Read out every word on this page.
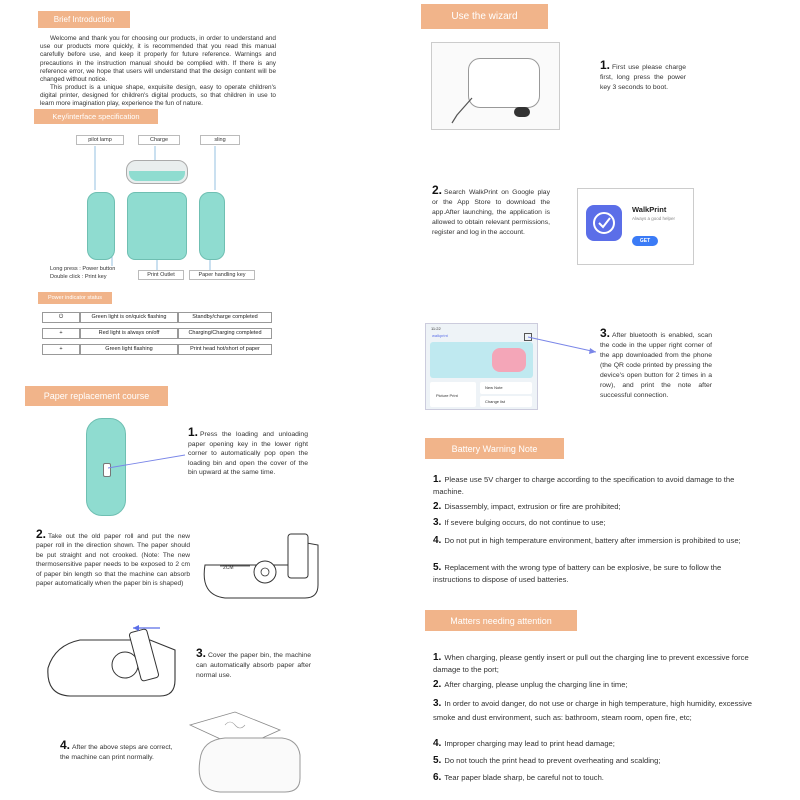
Brief Introduction
Welcome and thank you for choosing our products, in order to understand and use our products more quickly, it is recommended that you read this manual carefully before use, and keep it properly for future reference. Warnings and precautions in the instruction manual should be complied with. If there is any reference error, we hope that users will understand that the design content will be changed without notice.
This product is a unique shape, exquisite design, easy to operate children's digital printer, designed for children's digital products, so that children in use to learn more imagination play, experience the fun of nature.
Key/interface specification
pilot lamp	Charge	sling
Long press : Power button
Double click : Print key	Print Outlet	Paper handling key
Power indicator status
⏻	Green light is on/quick flashing	Standby/charge completed
+	Red light is always on/off	Charging/Charging completed
+	Green light flashing	Print head hot/short of paper
Paper replacement course
1. Press the loading and unloading paper opening key in the lower right corner to automatically pop open the loading bin and open the cover of the bin upward at the same time.
2. Take out the old paper roll and put the new paper roll in the direction shown. The paper should be put straight and not crooked. (Note: The new thermosensitive paper needs to be exposed to 2 cm of paper bin length so that the machine can absorb paper automatically when the paper bin is shaped)
2CM
3. Cover the paper bin, the machine can automatically absorb paper after normal use.
4. After the above steps are correct, the machine can print normally.
Use the wizard
1. First use please charge first, long press the power key 3 seconds to boot.
2. Search WalkPrint on Google play or the App Store to download the app.After launching, the application is allowed to obtain relevant permissions, register and log in the account.
WalkPrint
Always a good helper
GET
11:22
walkprint
Picture Print
New Note
Change list
3. After bluetooth is enabled, scan the code in the upper right corner of the app downloaded from the phone (the QR code printed by pressing the device's open button for 2 times in a row), and print the note after successful connection.
Battery Warning Note
1. Please use 5V charger to charge according to the specification to avoid damage to the machine.
2. Disassembly, impact, extrusion or fire are prohibited;
3. If severe bulging occurs, do not continue to use;
4. Do not put in high temperature environment, battery after immersion is prohibited to use;
5. Replacement with the wrong type of battery can be explosive, be sure to follow the instructions to dispose of used batteries.
Matters needing attention
1. When charging, please gently insert or pull out the charging line to prevent excessive force damage to the port;
2. After charging, please unplug the charging line in time;
3. In order to avoid danger, do not use or charge in high temperature, high humidity, excessive smoke and dust environment, such as: bathroom, steam room, open fire, etc;
4. Improper charging may lead to print head damage;
5. Do not touch the print head to prevent overheating and scalding;
6. Tear paper blade sharp, be careful not to touch.
